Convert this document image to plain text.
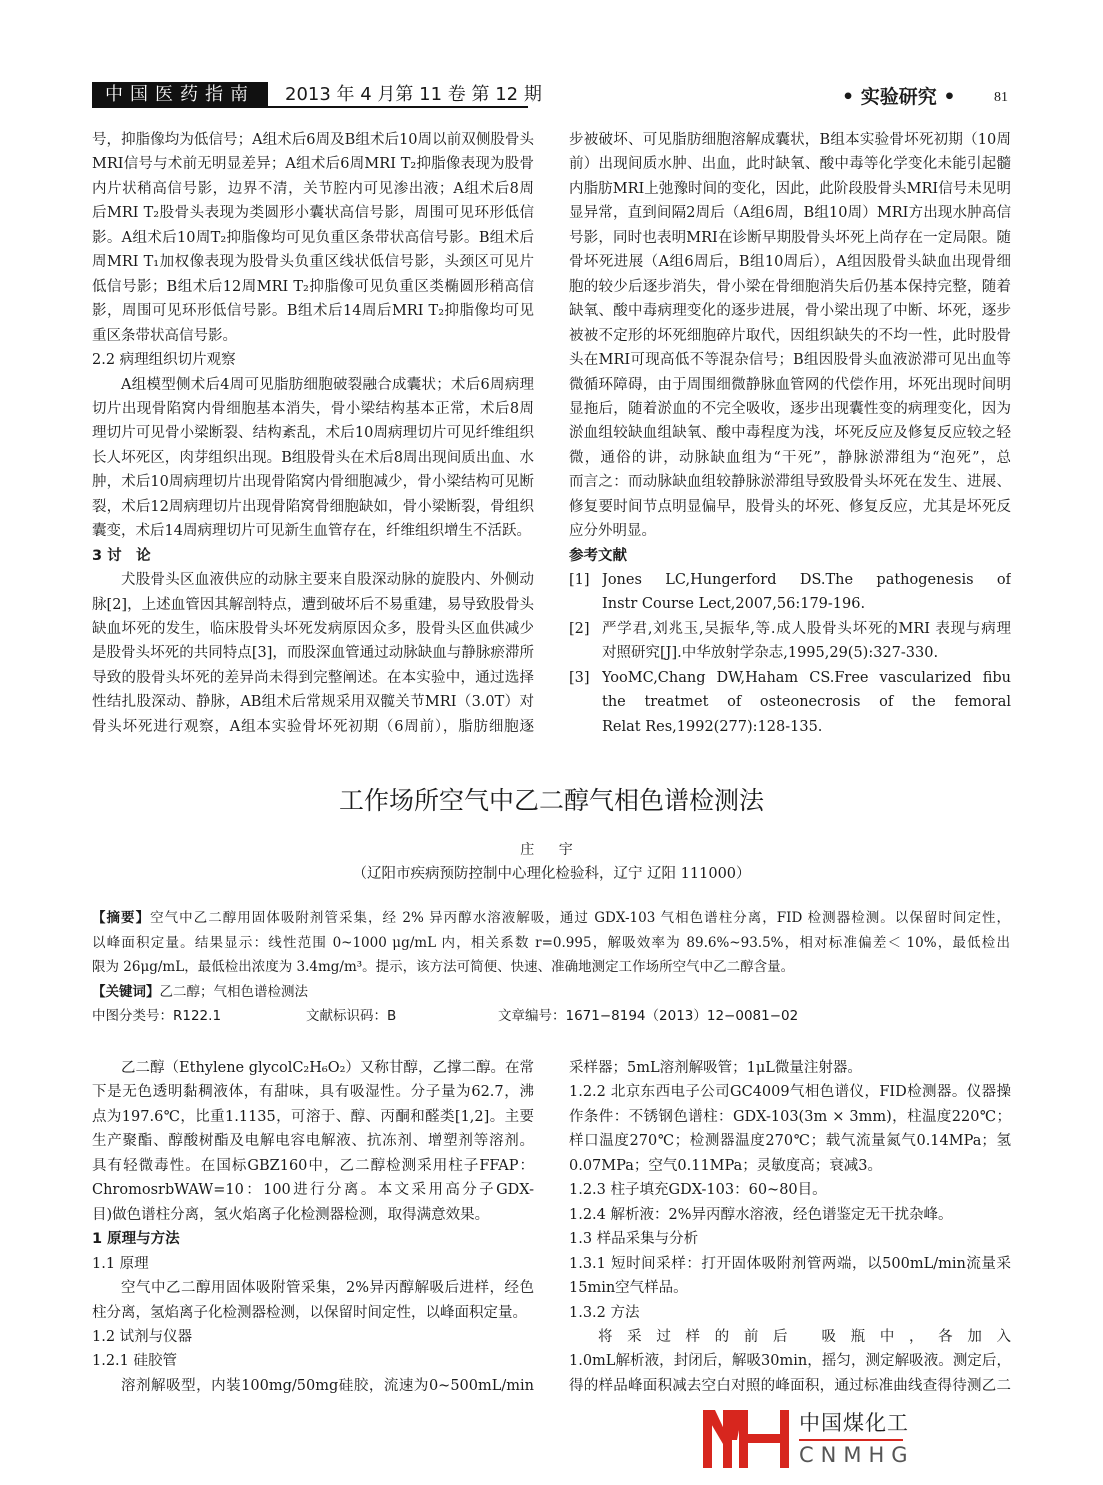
中国医药指南	2013 年 4 月第 11 卷 第 12 期	• 实验研究 •	81
号，抑脂像均为低信号；A组术后6周及B组术后10周以前双侧股骨头
MRI信号与术前无明显差异；A组术后6周MRI T₂抑脂像表现为股骨
内片状稍高信号影，边界不清，关节腔内可见渗出液；A组术后8周
后MRI T₂股骨头表现为类圆形小囊状高信号影，周围可见环形低信
影。A组术后10周T₂抑脂像均可见负重区条带状高信号影。B组术后
周MRI T₁加权像表现为股骨头负重区线状低信号影，头颈区可见片
低信号影；B组术后12周MRI T₂抑脂像可见负重区类椭圆形稍高信
影，周围可见环形低信号影。B组术后14周后MRI T₂抑脂像均可见
重区条带状高信号影。
2.2 病理组织切片观察
A组模型侧术后4周可见脂肪细胞破裂融合成囊状；术后6周病理
切片出现骨陷窝内骨细胞基本消失，骨小梁结构基本正常，术后8周
理切片可见骨小梁断裂、结构紊乱，术后10周病理切片可见纤维组织
长人坏死区，肉芽组织出现。B组股骨头在术后8周出现间质出血、水
肿，术后10周病理切片出现骨陷窝内骨细胞减少，骨小梁结构可见断
裂，术后12周病理切片出现骨陷窝骨细胞缺如，骨小梁断裂，骨组织
囊变，术后14周病理切片可见新生血管存在，纤维组织增生不活跃。
3 讨　论
犬股骨头区血液供应的动脉主要来自股深动脉的旋股内、外侧动
脉[2]，上述血管因其解剖特点，遭到破坏后不易重建，易导致股骨头
缺血坏死的发生，临床股骨头坏死发病原因众多，股骨头区血供减少
是股骨头坏死的共同特点[3]，而股深血管通过动脉缺血与静脉瘀滞所
导致的股骨头坏死的差异尚未得到完整阐述。在本实验中，通过选择
性结扎股深动、静脉，AB组术后常规采用双髋关节MRI（3.0T）对
骨头坏死进行观察，A组本实验骨坏死初期（6周前），脂肪细胞逐
步被破坏、可见脂肪细胞溶解成囊状，B组本实验骨坏死初期（10周
前）出现间质水肿、出血，此时缺氧、酸中毒等化学变化未能引起髓
内脂肪MRI上弛豫时间的变化，因此，此阶段股骨头MRI信号未见明
显异常，直到间隔2周后（A组6周，B组10周）MRI方出现水肿高信
号影，同时也表明MRI在诊断早期股骨头坏死上尚存在一定局限。随
骨坏死进展（A组6周后，B组10周后），A组因股骨头缺血出现骨细
胞的较少后逐步消失，骨小梁在骨细胞消失后仍基本保持完整，随着
缺氧、酸中毒病理变化的逐步进展，骨小梁出现了中断、坏死，逐步
被被不定形的坏死细胞碎片取代，因组织缺失的不均一性，此时股骨
头在MRI可现高低不等混杂信号；B组因股骨头血液淤滞可见出血等
微循环障碍，由于周围细微静脉血管网的代偿作用，坏死出现时间明
显拖后，随着淤血的不完全吸收，逐步出现囊性变的病理变化，因为
淤血组较缺血组缺氧、酸中毒程度为浅，坏死反应及修复反应较之轻
微，通俗的讲，动脉缺血组为“干死”，静脉淤滞组为“泡死”，总
而言之：而动脉缺血组较静脉淤滞组导致股骨头坏死在发生、进展、
修复要时间节点明显偏早，股骨头的坏死、修复反应，尤其是坏死反
应分外明显。
参考文献
[1] Jones LC,Hungerford DS.The pathogenesis of
Instr Course Lect,2007,56:179-196.
[2] 严学君,刘兆玉,吴振华,等.成人股骨头坏死的MRI 表现与病理
对照研究[J].中华放射学杂志,1995,29(5):327-330.
[3] YooMC,Chang DW,Haham CS.Free vascularized fibu
the treatmet of osteonecrosis of the femoral
Relat Res,1992(277):128-135.
工作场所空气中乙二醇气相色谱检测法
庄 宇
（辽阳市疾病预防控制中心理化检验科，辽宁 辽阳 111000）
【摘要】空气中乙二醇用固体吸附剂管采集，经 2% 异丙醇水溶液解吸，通过 GDX-103 气相色谱柱分离，FID 检测器检测。以保留时间定性，
以峰面积定量。结果显示：线性范围 0~1000 μg/mL 内，相关系数 r=0.995，解吸效率为 89.6%~93.5%，相对标准偏差＜ 10%，最低检出
限为 26μg/mL，最低检出浓度为 3.4mg/m³。提示，该方法可简便、快速、准确地测定工作场所空气中乙二醇含量。
【关键词】乙二醇；气相色谱检测法
中图分类号：R122.1	文献标识码：B	文章编号：1671−8194（2013）12−0081−02
乙二醇（Ethylene glycolC₂H₆O₂）又称甘醇，乙撑二醇。在常
下是无色透明黏稠液体，有甜味，具有吸湿性。分子量为62.7，沸
点为197.6℃，比重1.1135，可溶于、醇、丙酮和醛类[1,2]。主要
生产聚酯、醇酸树酯及电解电容电解液、抗冻剂、增塑剂等溶剂。
具有轻微毒性。在国标GBZ160中，乙二醇检测采用柱子FFAP：
ChromosrbWAW=10：100进行分离。本文采用高分子GDX-
目)做色谱柱分离，氢火焰离子化检测器检测，取得满意效果。
1 原理与方法
1.1 原理
空气中乙二醇用固体吸附管采集，2%异丙醇解吸后进样，经色
柱分离，氢焰离子化检测器检测，以保留时间定性，以峰面积定量。
1.2 试剂与仪器
1.2.1 硅胶管
溶剂解吸型，内装100mg/50mg硅胶，流速为0~500mL/min
采样器；5mL溶剂解吸管；1μL微量注射器。
1.2.2 北京东西电子公司GC4009气相色谱仪，FID检测器。仪器操
作条件：不锈钢色谱柱：GDX-103(3m × 3mm)，柱温度220℃；
样口温度270℃；检测器温度270℃；载气流量氮气0.14MPa；氢
0.07MPa；空气0.11MPa；灵敏度高；衰减3。
1.2.3 柱子填充GDX-103：60~80目。
1.2.4 解析液：2%异丙醇水溶液，经色谱鉴定无干扰杂峰。
1.3 样品采集与分析
1.3.1 短时间采样：打开固体吸附剂管两端，以500mL/min流量采
15min空气样品。
1.3.2 方法
将采过样的前后 吸瓶中，各加入
1.0mL解析液，封闭后，解吸30min，摇匀，测定解吸液。测定后，
得的样品峰面积减去空白对照的峰面积，通过标准曲线查得待测乙二
中国煤化工
CNMHG
